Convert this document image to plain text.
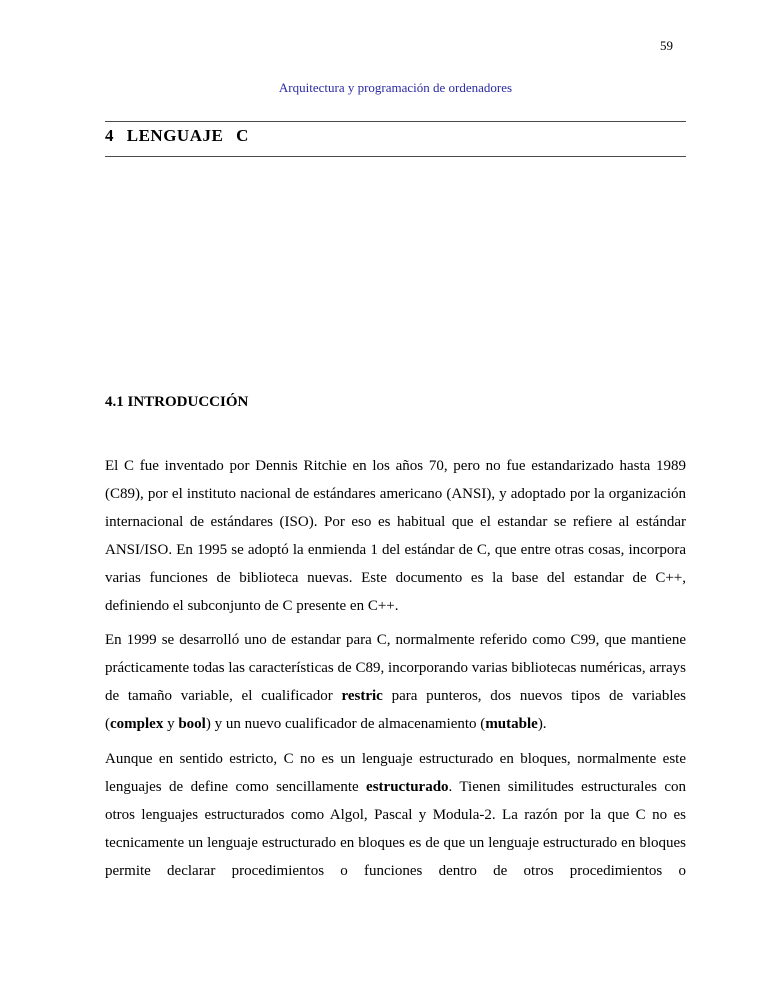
59
Arquitectura y programación de ordenadores
4 LENGUAJE C
4.1 INTRODUCCIÓN

El C fue inventado por Dennis Ritchie en los años 70, pero no fue estandarizado hasta 1989 (C89), por el instituto nacional de estándares americano (ANSI), y adoptado por la organización internacional de estándares (ISO). Por eso es habitual que el estandar se refiere al estándar ANSI/ISO. En 1995 se adoptó la enmienda 1 del estándar de C, que entre otras cosas, incorpora varias funciones de biblioteca nuevas. Este documento es la base del estandar de C++, definiendo el subconjunto de C presente en C++.

En 1999 se desarrolló uno de estandar para C, normalmente referido como C99, que mantiene prácticamente todas las características de C89, incorporando varias bibliotecas numéricas, arrays de tamaño variable, el cualificador restric para punteros, dos nuevos tipos de variables (complex y bool) y un nuevo cualificador de almacenamiento (mutable).

Aunque en sentido estricto, C no es un lenguaje estructurado en bloques, normalmente este lenguajes de define como sencillamente estructurado. Tienen similitudes estructurales con otros lenguajes estructurados como Algol, Pascal y Modula-2. La razón por la que C no es tecnicamente un lenguaje estructurado en bloques es de que un lenguaje estructurado en bloques permite declarar procedimientos o funciones dentro de otros procedimientos o
